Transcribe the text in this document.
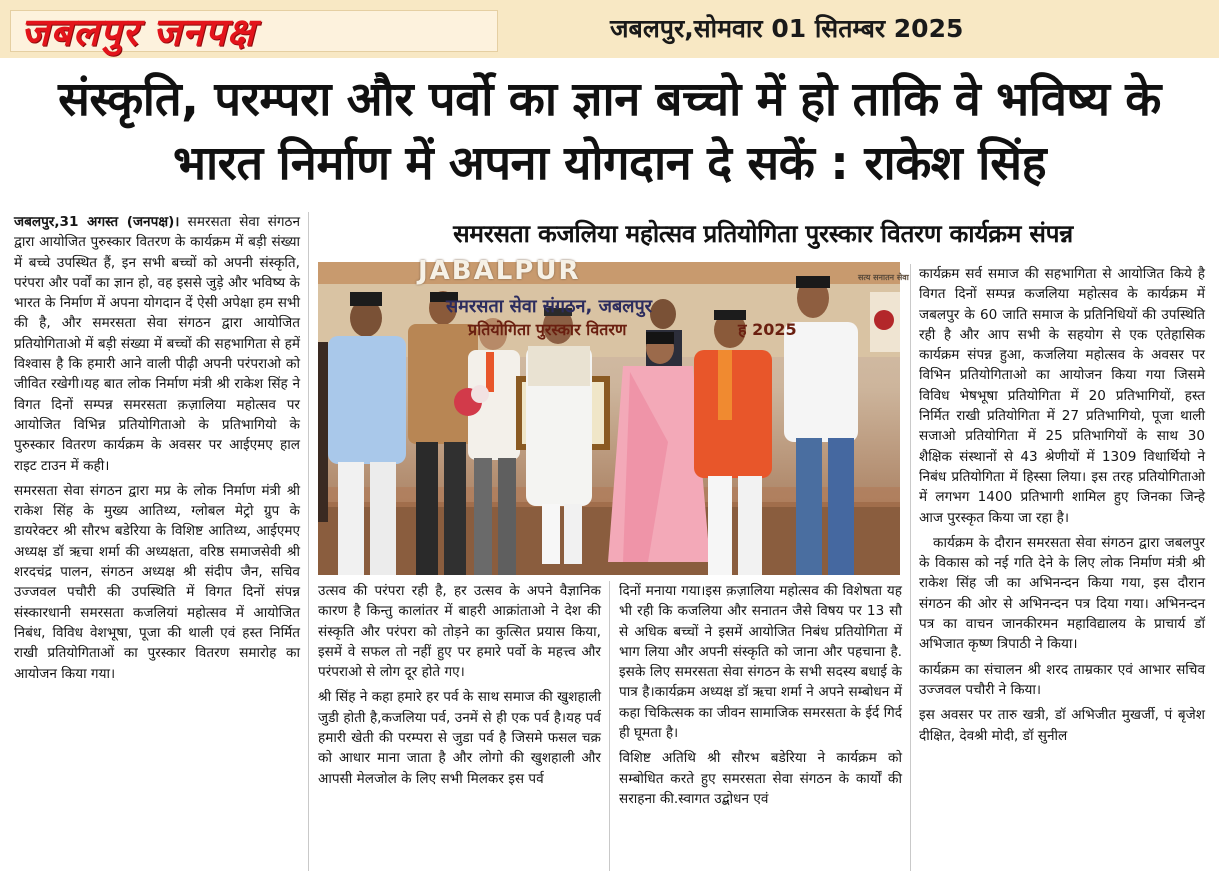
जबलपुर जनपक्ष	जबलपुर,सोमवार 01 सितम्बर 2025
संस्कृति, परम्परा और पर्वो का ज्ञान बच्चो में हो ताकि वे भविष्य के भारत निर्माण में अपना योगदान दे सकें : राकेश सिंह

जबलपुर,31 अगस्त (जनपक्ष)। समरसता सेवा संगठन द्वारा आयोजित पुरुस्कार वितरण के कार्यक्रम में बड़ी संख्या में बच्चे उपस्थित हैं, इन सभी बच्चों को अपनी संस्कृति, परंपरा और पर्वों का ज्ञान हो, वह इससे जुड़े और भविष्य के भारत के निर्माण में अपना योगदान दें ऐसी अपेक्षा हम सभी की है, और समरसता सेवा संगठन द्वारा आयोजित प्रतियोगिताओ में बड़ी संख्या में बच्चों की सहभागिता से हमें विश्वास है कि हमारी आने वाली पीढ़ी अपनी परंपराओ को जीवित रखेगी।यह बात लोक निर्माण मंत्री श्री राकेश सिंह ने विगत दिनों सम्पन्न समरसता क़ज़ालिया महोत्सव पर आयोजित विभिन्न प्रतियोगिताओ के प्रतिभागियो के पुरुस्कार वितरण कार्यक्रम के अवसर पर आईएमए हाल राइट टाउन में कही।

समरसता सेवा संगठन द्वारा मप्र के लोक निर्माण मंत्री श्री राकेश सिंह के मुख्य आतिथ्य, ग्लोबल मेट्रो ग्रुप के डायरेक्टर श्री सौरभ बडेरिया के विशिष्ट आतिथ्य, आईएमए अध्यक्ष डॉ ऋचा शर्मा की अध्यक्षता, वरिष्ठ समाजसेवी श्री शरदचंद्र पालन, संगठन अध्यक्ष श्री संदीप जैन, सचिव उज्जवल पचौरी की उपस्थिति में विगत दिनों संपन्न संस्कारधानी समरसता कजलियां महोत्सव में आयोजित निबंध, विविध वेशभूषा, पूजा की थाली एवं हस्त निर्मित राखी प्रतियोगिताओं का पुरस्कार वितरण समारोह का आयोजन किया गया।

समरसता कजलिया महोत्सव प्रतियोगिता पुरस्कार वितरण कार्यक्रम संपन्न
JABALPUR
समरसता सेवा संगठन, जबलपुर
प्रतियोगिता पुरस्कार वितरण	ह 2025
सत्य सनातन सेवा

उत्सव की परंपरा रही है, हर उत्सव के अपने वैज्ञानिक कारण है किन्तु कालांतर में बाहरी आक्रांताओ ने देश की संस्कृति और परंपरा को तोड़ने का कुत्सित प्रयास किया, इसमें वे सफल तो नहीं हुए पर हमारे पर्वो के महत्त्व और परंपराओ से लोग दूर होते गए।

श्री सिंह ने कहा हमारे हर पर्व के साथ समाज की खुशहाली जुडी होती है,कजलिया पर्व, उनमें से ही एक पर्व है।यह पर्व हमारी खेती की परम्परा से जुडा पर्व है जिसमे फसल चक्र को आधार माना जाता है और लोगो की खुशहाली और आपसी मेलजोल के लिए सभी मिलकर इस पर्व

दिनों मनाया गया।इस क़ज़ालिया महोत्सव की विशेषता यह भी रही कि कजलिया और सनातन जैसे विषय पर 13 सौ से अधिक बच्चों ने इसमें आयोजित निबंध प्रतियोगिता में भाग लिया और अपनी संस्कृति को जाना और पहचाना है. इसके लिए समरसता सेवा संगठन के सभी सदस्य बधाई के पात्र है।कार्यक्रम अध्यक्ष डॉ ऋचा शर्मा ने अपने सम्बोधन में कहा चिकित्सक का जीवन सामाजिक समरसता के ईर्द गिर्द ही घूमता है।

विशिष्ट अतिथि श्री सौरभ बडेरिया ने कार्यक्रम को सम्बोधित करते हुए समरसता सेवा संगठन के कार्यों की सराहना की.स्वागत उद्बोधन एवं

कार्यक्रम सर्व समाज की सहभागिता से आयोजित किये है विगत दिनों सम्पन्न कजलिया महोत्सव के कार्यक्रम में जबलपुर के 60 जाति समाज के प्रतिनिधियों की उपस्थिति रही है और आप सभी के सहयोग से एक एतेहासिक कार्यक्रम संपन्न हुआ, कजलिया महोत्सव के अवसर पर विभिन प्रतियोगिताओ का आयोजन किया गया जिसमे विविध भेषभूषा प्रतियोगिता में 20 प्रतिभागियों, हस्त निर्मित राखी प्रतियोगिता में 27 प्रतिभागियो, पूजा थाली सजाओ प्रतियोगिता में 25 प्रतिभागियों के साथ 30 शैक्षिक संस्थानों से 43 श्रेणीयों में 1309 विधार्थियो ने निबंध प्रतियोगिता में हिस्सा लिया। इस तरह प्रतियोगिताओ में लगभग 1400 प्रतिभागी शामिल हुए जिनका जिन्हे आज पुरस्कृत किया जा रहा है।

कार्यक्रम के दौरान समरसता सेवा संगठन द्वारा जबलपुर के विकास को नई गति देने के लिए लोक निर्माण मंत्री श्री राकेश सिंह जी का अभिनन्दन किया गया, इस दौरान संगठन की ओर से अभिनन्दन पत्र दिया गया। अभिनन्दन पत्र का वाचन जानकीरमन महाविद्यालय के प्राचार्य डॉ अभिजात कृष्ण त्रिपाठी ने किया।

कार्यक्रम का संचालन श्री शरद ताम्रकार एवं आभार सचिव उज्जवल पचौरी ने किया।

इस अवसर पर तारु खत्री, डॉ अभिजीत मुखर्जी, पं बृजेश दीक्षित, देवश्री मोदी, डॉ सुनील
